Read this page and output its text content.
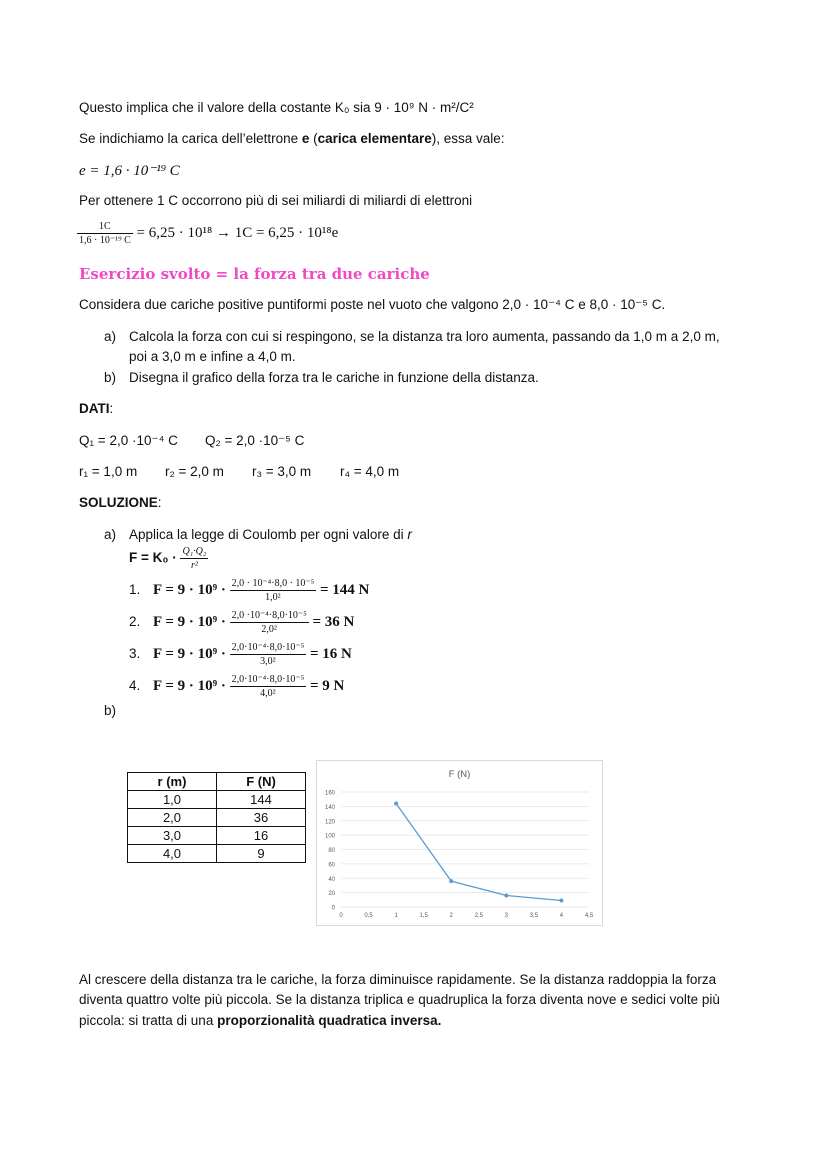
Questo implica che il valore della costante K₀ sia 9 · 10⁹ N · m²/C²
Se indichiamo la carica dell’elettrone e (carica elementare), essa vale:
e = 1,6 · 10⁻¹⁹ C
Per ottenere 1 C occorrono più di sei miliardi di miliardi di elettroni
$\frac{1C}{\text{1,6 · 10⁻¹⁹ C}} = 6,25 \cdot 10^{18} \to 1C = 6,25 \cdot 10^{18}e$
Esercizio svolto = la forza tra due cariche
Considera due cariche positive puntiformi poste nel vuoto che valgono 2,0 · 10⁻⁴ C e 8,0 · 10⁻⁵ C.
a) Calcola la forza con cui si respingono, se la distanza tra loro aumenta, passando da 1,0 m a 2,0 m,
poi a 3,0 m e infine a 4,0 m.
b) Disegna il grafico della forza tra le cariche in funzione della distanza.
DATI:
Q₁ = 2,0 ·10⁻⁴ C Q₂ = 2,0 ·10⁻⁵ C
r₁ = 1,0 m r₂ = 2,0 m r₃ = 3,0 m r₄ = 4,0 m
SOLUZIONE:
a) Applica la legge di Coulomb per ogni valore di r
$F = K_0 \cdot \frac{\text{Q₁·Q₂}}{\text{r²}}$
1. $F = 9 \cdot 10^9 \cdot \frac{\text{2,0 · 10⁻⁴·8,0 · 10⁻⁵}}{\text{1,0²}} = 144$ N
2. $F = 9 \cdot 10^9 \cdot \frac{\text{2,0 ·10⁻⁴·8,0·10⁻⁵}}{\text{2,0²}} = 36$ N
3. $F = 9 \cdot 10^9 \cdot \frac{\text{2,0·10⁻⁴·8,0·10⁻⁵}}{\text{3,0²}} = 16$ N
4. $F = 9 \cdot 10^9 \cdot \frac{\text{2,0·10⁻⁴·8,0·10⁻⁵}}{\text{4,0²}} = 9$ N
b)
r (m)	F (N)
1,0	144
2,0	36
3,0	16
4,0	9
F (N)
0
20
40
60
80
100
120
140
160
0	0,5	1	1,5	2	2,5	3	3,5	4	4,5
Al crescere della distanza tra le cariche, la forza diminuisce rapidamente. Se la distanza raddoppia la forza
diventa quattro volte più piccola. Se la distanza triplica e quadruplica la forza diventa nove e sedici volte più
piccola: si tratta di una proporzionalità quadratica inversa.
